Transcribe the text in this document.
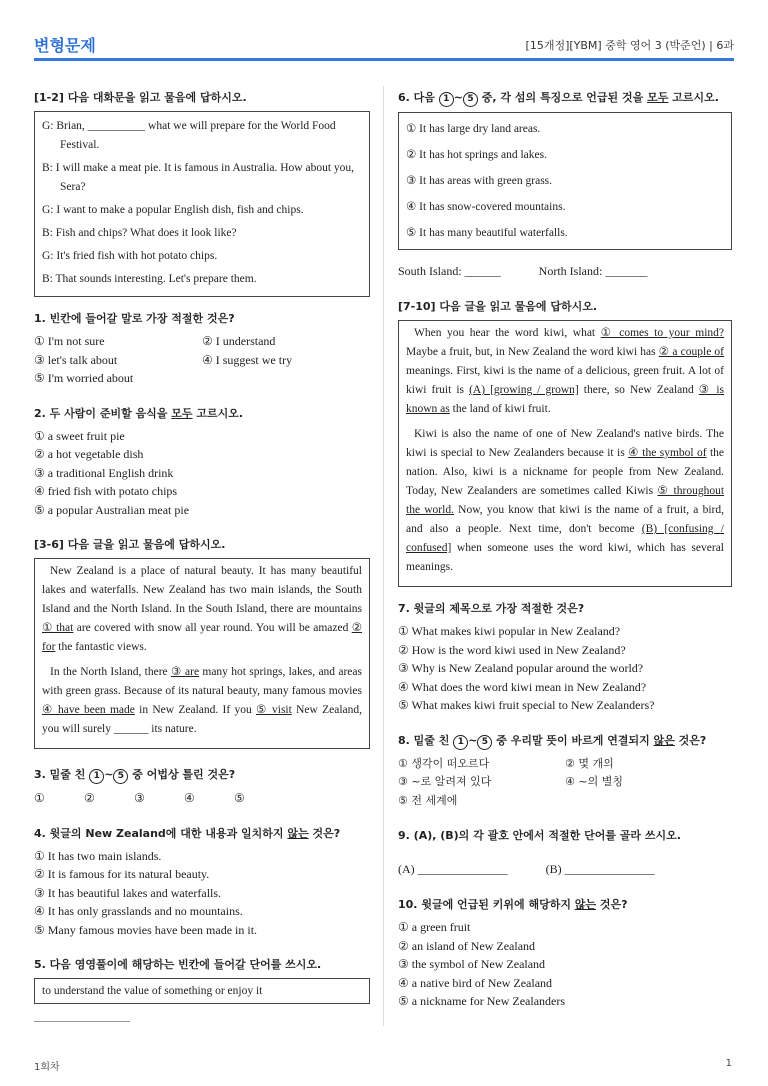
변형문제	[15개정][YBM] 중학 영어 3 (박준언) | 6과
[1-2] 다음 대화문을 읽고 물음에 답하시오.
G: Brian, __________ what we will prepare for the World Food Festival.
B: I will make a meat pie. It is famous in Australia. How about you, Sera?
G: I want to make a popular English dish, fish and chips.
B: Fish and chips? What does it look like?
G: It's fried fish with hot potato chips.
B: That sounds interesting. Let's prepare them.
1. 빈칸에 들어갈 말로 가장 적절한 것은?
① I'm not sure	② I understand
③ let's talk about	④ I suggest we try
⑤ I'm worried about
2. 두 사람이 준비할 음식을 모두 고르시오.
① a sweet fruit pie
② a hot vegetable dish
③ a traditional English drink
④ fried fish with potato chips
⑤ a popular Australian meat pie
[3-6] 다음 글을 읽고 물음에 답하시오.

New Zealand is a place of natural beauty. It has many beautiful lakes and waterfalls. New Zealand has two main islands, the South Island and the North Island. In the South Island, there are mountains ① that are covered with snow all year round. You will be amazed ② for the fantastic views.

In the North Island, there ③ are many hot springs, lakes, and areas with green grass. Because of its natural beauty, many famous movies ④ have been made in New Zealand. If you ⑤ visit New Zealand, you will surely ______ its nature.

3. 밑줄 친 1 ~ 5 중 어법상 틀린 것은?
①	②	③	④	⑤
4. 윗글의 New Zealand에 대한 내용과 일치하지 않는 것은?
① It has two main islands.
② It is famous for its natural beauty.
③ It has beautiful lakes and waterfalls.
④ It has only grasslands and no mountains.
⑤ Many famous movies have been made in it.
5. 다음 영영풀이에 해당하는 빈칸에 들어갈 단어를 쓰시오.
to understand the value of something or enjoy it
6. 다음 1 ~ 5 중, 각 섬의 특징으로 언급된 것을 모두 고르시오.
① It has large dry land areas.
② It has hot springs and lakes.
③ It has areas with green grass.
④ It has snow-covered mountains.
⑤ It has many beautiful waterfalls.
South Island: ______	North Island: _______
[7-10] 다음 글을 읽고 물음에 답하시오.

When you hear the word kiwi, what ① comes to your mind? Maybe a fruit, but, in New Zealand the word kiwi has ② a couple of meanings. First, kiwi is the name of a delicious, green fruit. A lot of kiwi fruit is (A) [growing / grown] there, so New Zealand ③ is known as the land of kiwi fruit.

Kiwi is also the name of one of New Zealand's native birds. The kiwi is special to New Zealanders because it is ④ the symbol of the nation. Also, kiwi is a nickname for people from New Zealand. Today, New Zealanders are sometimes called Kiwis ⑤ throughout the world. Now, you know that kiwi is the name of a fruit, a bird, and also a people. Next time, don't become (B) [confusing / confused] when someone uses the word kiwi, which has several meanings.

7. 윗글의 제목으로 가장 적절한 것은?
① What makes kiwi popular in New Zealand?
② How is the word kiwi used in New Zealand?
③ Why is New Zealand popular around the world?
④ What does the word kiwi mean in New Zealand?
⑤ What makes kiwi fruit special to New Zealanders?
8. 밑줄 친 1 ~ 5 중 우리말 뜻이 바르게 연결되지 않은 것은?
① 생각이 떠오르다	② 몇 개의
③ ~로 알려져 있다	④ ~의 별칭
⑤ 전 세계에
9. (A), (B)의 각 괄호 안에서 적절한 단어를 골라 쓰시오.
(A) _______________	(B) _______________
10. 윗글에 언급된 키위에 해당하지 않는 것은?
① a green fruit
② an island of New Zealand
③ the symbol of New Zealand
④ a native bird of New Zealand
⑤ a nickname for New Zealanders
1회차	1
